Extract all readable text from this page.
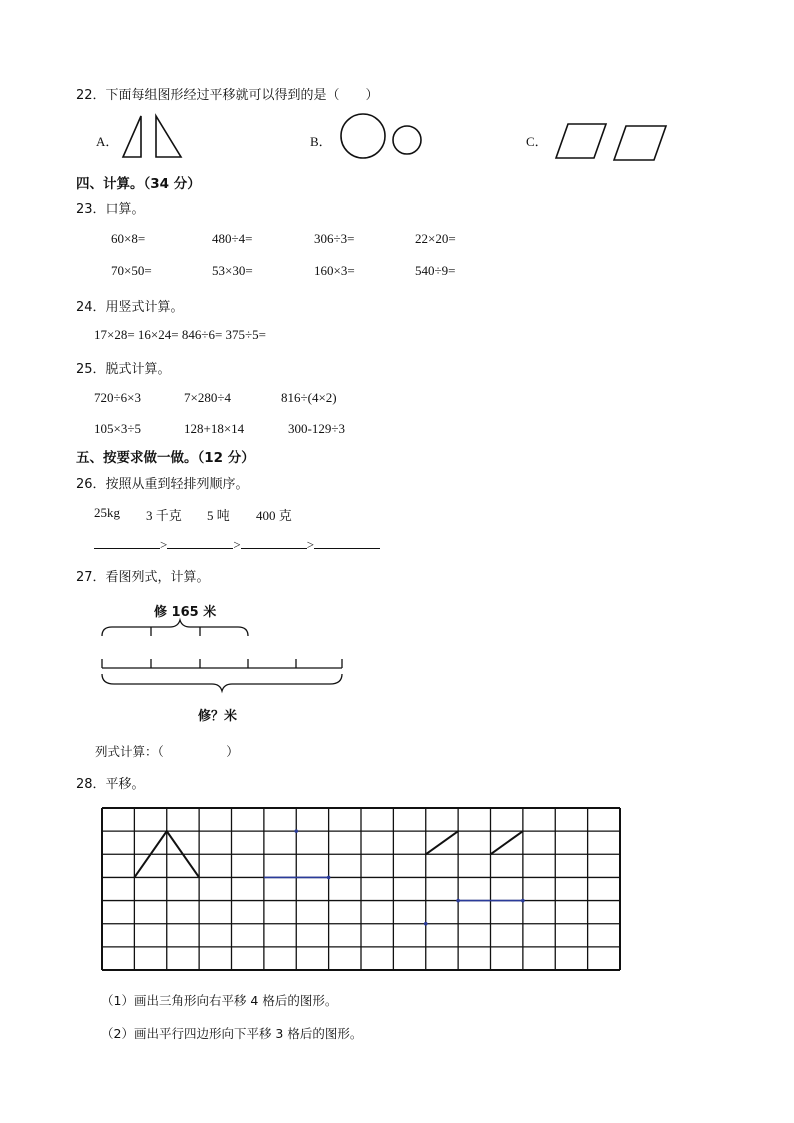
22．下面每组图形经过平移就可以得到的是（　　）
A．	B．	C．
四、计算。（34 分）
23．口算。
60×8=	480÷4=	306÷3=	22×20=
70×50=	53×30=	160×3=	540÷9=
24．用竖式计算。
17×28= 16×24= 846÷6= 375÷5=
25．脱式计算。
720÷6×3	7×280÷4	816÷(4×2)
105×3÷5	128+18×14	300-129÷3
五、按要求做一做。（12 分）
26．按照从重到轻排列顺序。
25kg 3 千克 5 吨 400 克
>	>	>
27．看图列式，计算。
修 165 米
修？米
列式计算：（　　　　　）
28．平移。
（1）画出三角形向右平移 4 格后的图形。
（2）画出平行四边形向下平移 3 格后的图形。
